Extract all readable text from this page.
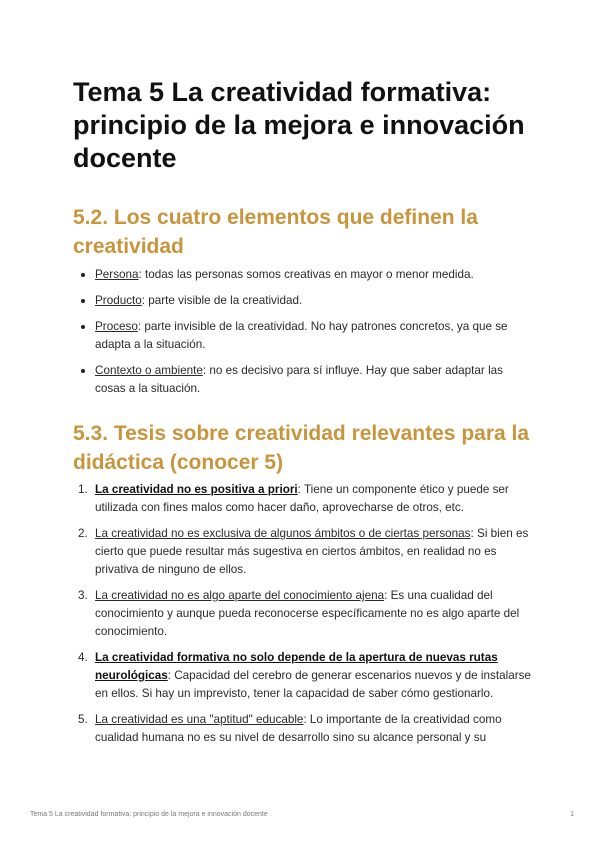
Tema 5 La creatividad formativa: principio de la mejora e innovación docente
5.2. Los cuatro elementos que definen la creatividad
Persona: todas las personas somos creativas en mayor o menor medida.
Producto: parte visible de la creatividad.
Proceso: parte invisible de la creatividad. No hay patrones concretos, ya que se adapta a la situación.
Contexto o ambiente: no es decisivo para sí influye. Hay que saber adaptar las cosas a la situación.
5.3. Tesis sobre creatividad relevantes para la didáctica (conocer 5)
1. La creatividad no es positiva a priori: Tiene un componente ético y puede ser utilizada con fines malos como hacer daño, aprovecharse de otros, etc.
2. La creatividad no es exclusiva de algunos ámbitos o de ciertas personas: Si bien es cierto que puede resultar más sugestiva en ciertos ámbitos, en realidad no es privativa de ninguno de ellos.
3. La creatividad no es algo aparte del conocimiento ajena: Es una cualidad del conocimiento y aunque pueda reconocerse específicamente no es algo aparte del conocimiento.
4. La creatividad formativa no solo depende de la apertura de nuevas rutas neurológicas: Capacidad del cerebro de generar escenarios nuevos y de instalarse en ellos. Si hay un imprevisto, tener la capacidad de saber cómo gestionarlo.
5. La creatividad es una "aptitud" educable: Lo importante de la creatividad como cualidad humana no es su nivel de desarrollo sino su alcance personal y su
Tema 5 La creatividad formativa: principio de la mejora e innovación docente	1
